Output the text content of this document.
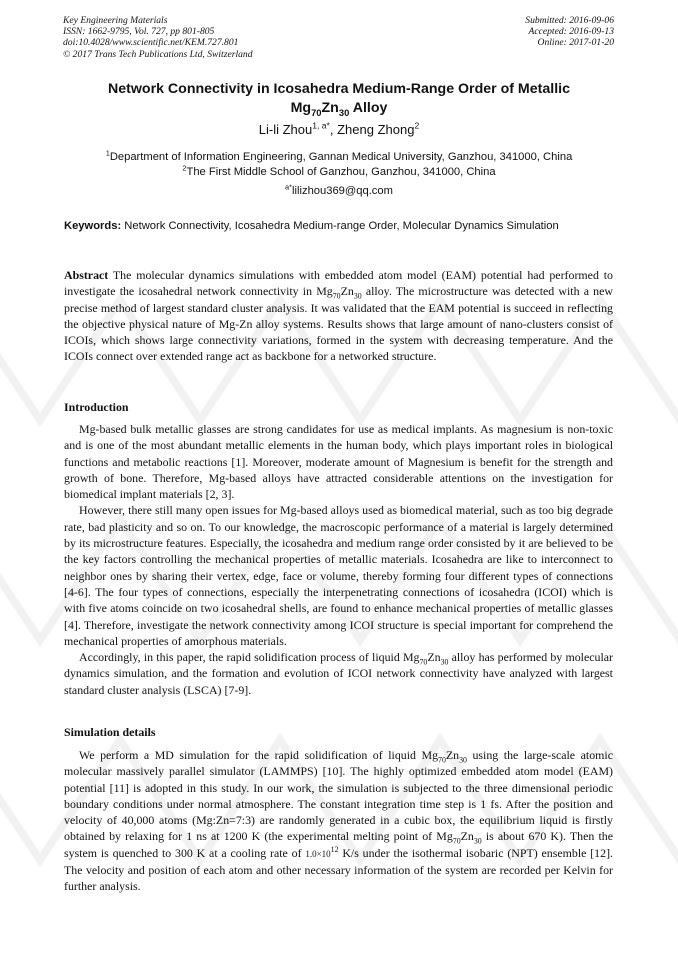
Key Engineering Materials
ISSN: 1662-9795, Vol. 727, pp 801-805
doi:10.4028/www.scientific.net/KEM.727.801
© 2017 Trans Tech Publications Ltd, Switzerland
Submitted: 2016-09-06
Accepted: 2016-09-13
Online: 2017-01-20
Network Connectivity in Icosahedra Medium-Range Order of Metallic
$Mg_{70}Zn_{30}$ Alloy
Li-li Zhou$^{1, a*}$, Zheng Zhong$^2$
$^1$Department of Information Engineering, Gannan Medical University, Ganzhou, 341000, China
$^2$The First Middle School of Ganzhou, Ganzhou, 341000, China
$^{a*}$lilizhou369@qq.com
Keywords: Network Connectivity, Icosahedra Medium-range Order, Molecular Dynamics Simulation

Abstract The molecular dynamics simulations with embedded atom model (EAM) potential had performed to investigate the icosahedral network connectivity in $Mg_{70}Zn_{30}$ alloy. The microstructure was detected with a new precise method of largest standard cluster analysis. It was validated that the EAM potential is succeed in reflecting the objective physical nature of Mg-Zn alloy systems. Results shows that large amount of nano-clusters consist of ICOIs, which shows large connectivity variations, formed in the system with decreasing temperature. And the ICOIs connect over extended range act as backbone for a networked structure.

Introduction

Mg-based bulk metallic glasses are strong candidates for use as medical implants. As magnesium is non-toxic and is one of the most abundant metallic elements in the human body, which plays important roles in biological functions and metabolic reactions [1]. Moreover, moderate amount of Magnesium is benefit for the strength and growth of bone. Therefore, Mg-based alloys have attracted considerable attentions on the investigation for biomedical implant materials [2, 3].

However, there still many open issues for Mg-based alloys used as biomedical material, such as too big degrade rate, bad plasticity and so on. To our knowledge, the macroscopic performance of a material is largely determined by its microstructure features. Especially, the icosahedra and medium range order consisted by it are believed to be the key factors controlling the mechanical properties of metallic materials. Icosahedra are like to interconnect to neighbor ones by sharing their vertex, edge, face or volume, thereby forming four different types of connections [4-6]. The four types of connections, especially the interpenetrating connections of icosahedra (ICOI) which is with five atoms coincide on two icosahedral shells, are found to enhance mechanical properties of metallic glasses [4]. Therefore, investigate the network connectivity among ICOI structure is special important for comprehend the mechanical properties of amorphous materials.

Accordingly, in this paper, the rapid solidification process of liquid $Mg_{70}Zn_{30}$ alloy has performed by molecular dynamics simulation, and the formation and evolution of ICOI network connectivity have analyzed with largest standard cluster analysis (LSCA) [7-9].

Simulation details

We perform a MD simulation for the rapid solidification of liquid $Mg_{70}Zn_{30}$ using the large-scale atomic molecular massively parallel simulator (LAMMPS) [10]. The highly optimized embedded atom model (EAM) potential [11] is adopted in this study. In our work, the simulation is subjected to the three dimensional periodic boundary conditions under normal atmosphere. The constant integration time step is 1 fs. After the position and velocity of 40,000 atoms (Mg:Zn=7:3) are randomly generated in a cubic box, the equilibrium liquid is firstly obtained by relaxing for 1 ns at 1200 K (the experimental melting point of $Mg_{70}Zn_{30}$ is about 670 K). Then the system is quenched to 300 K at a cooling rate of $1.0\times 10^{12}$ K/s under the isothermal isobaric (NPT) ensemble [12]. The velocity and position of each atom and other necessary information of the system are recorded per Kelvin for further analysis.
